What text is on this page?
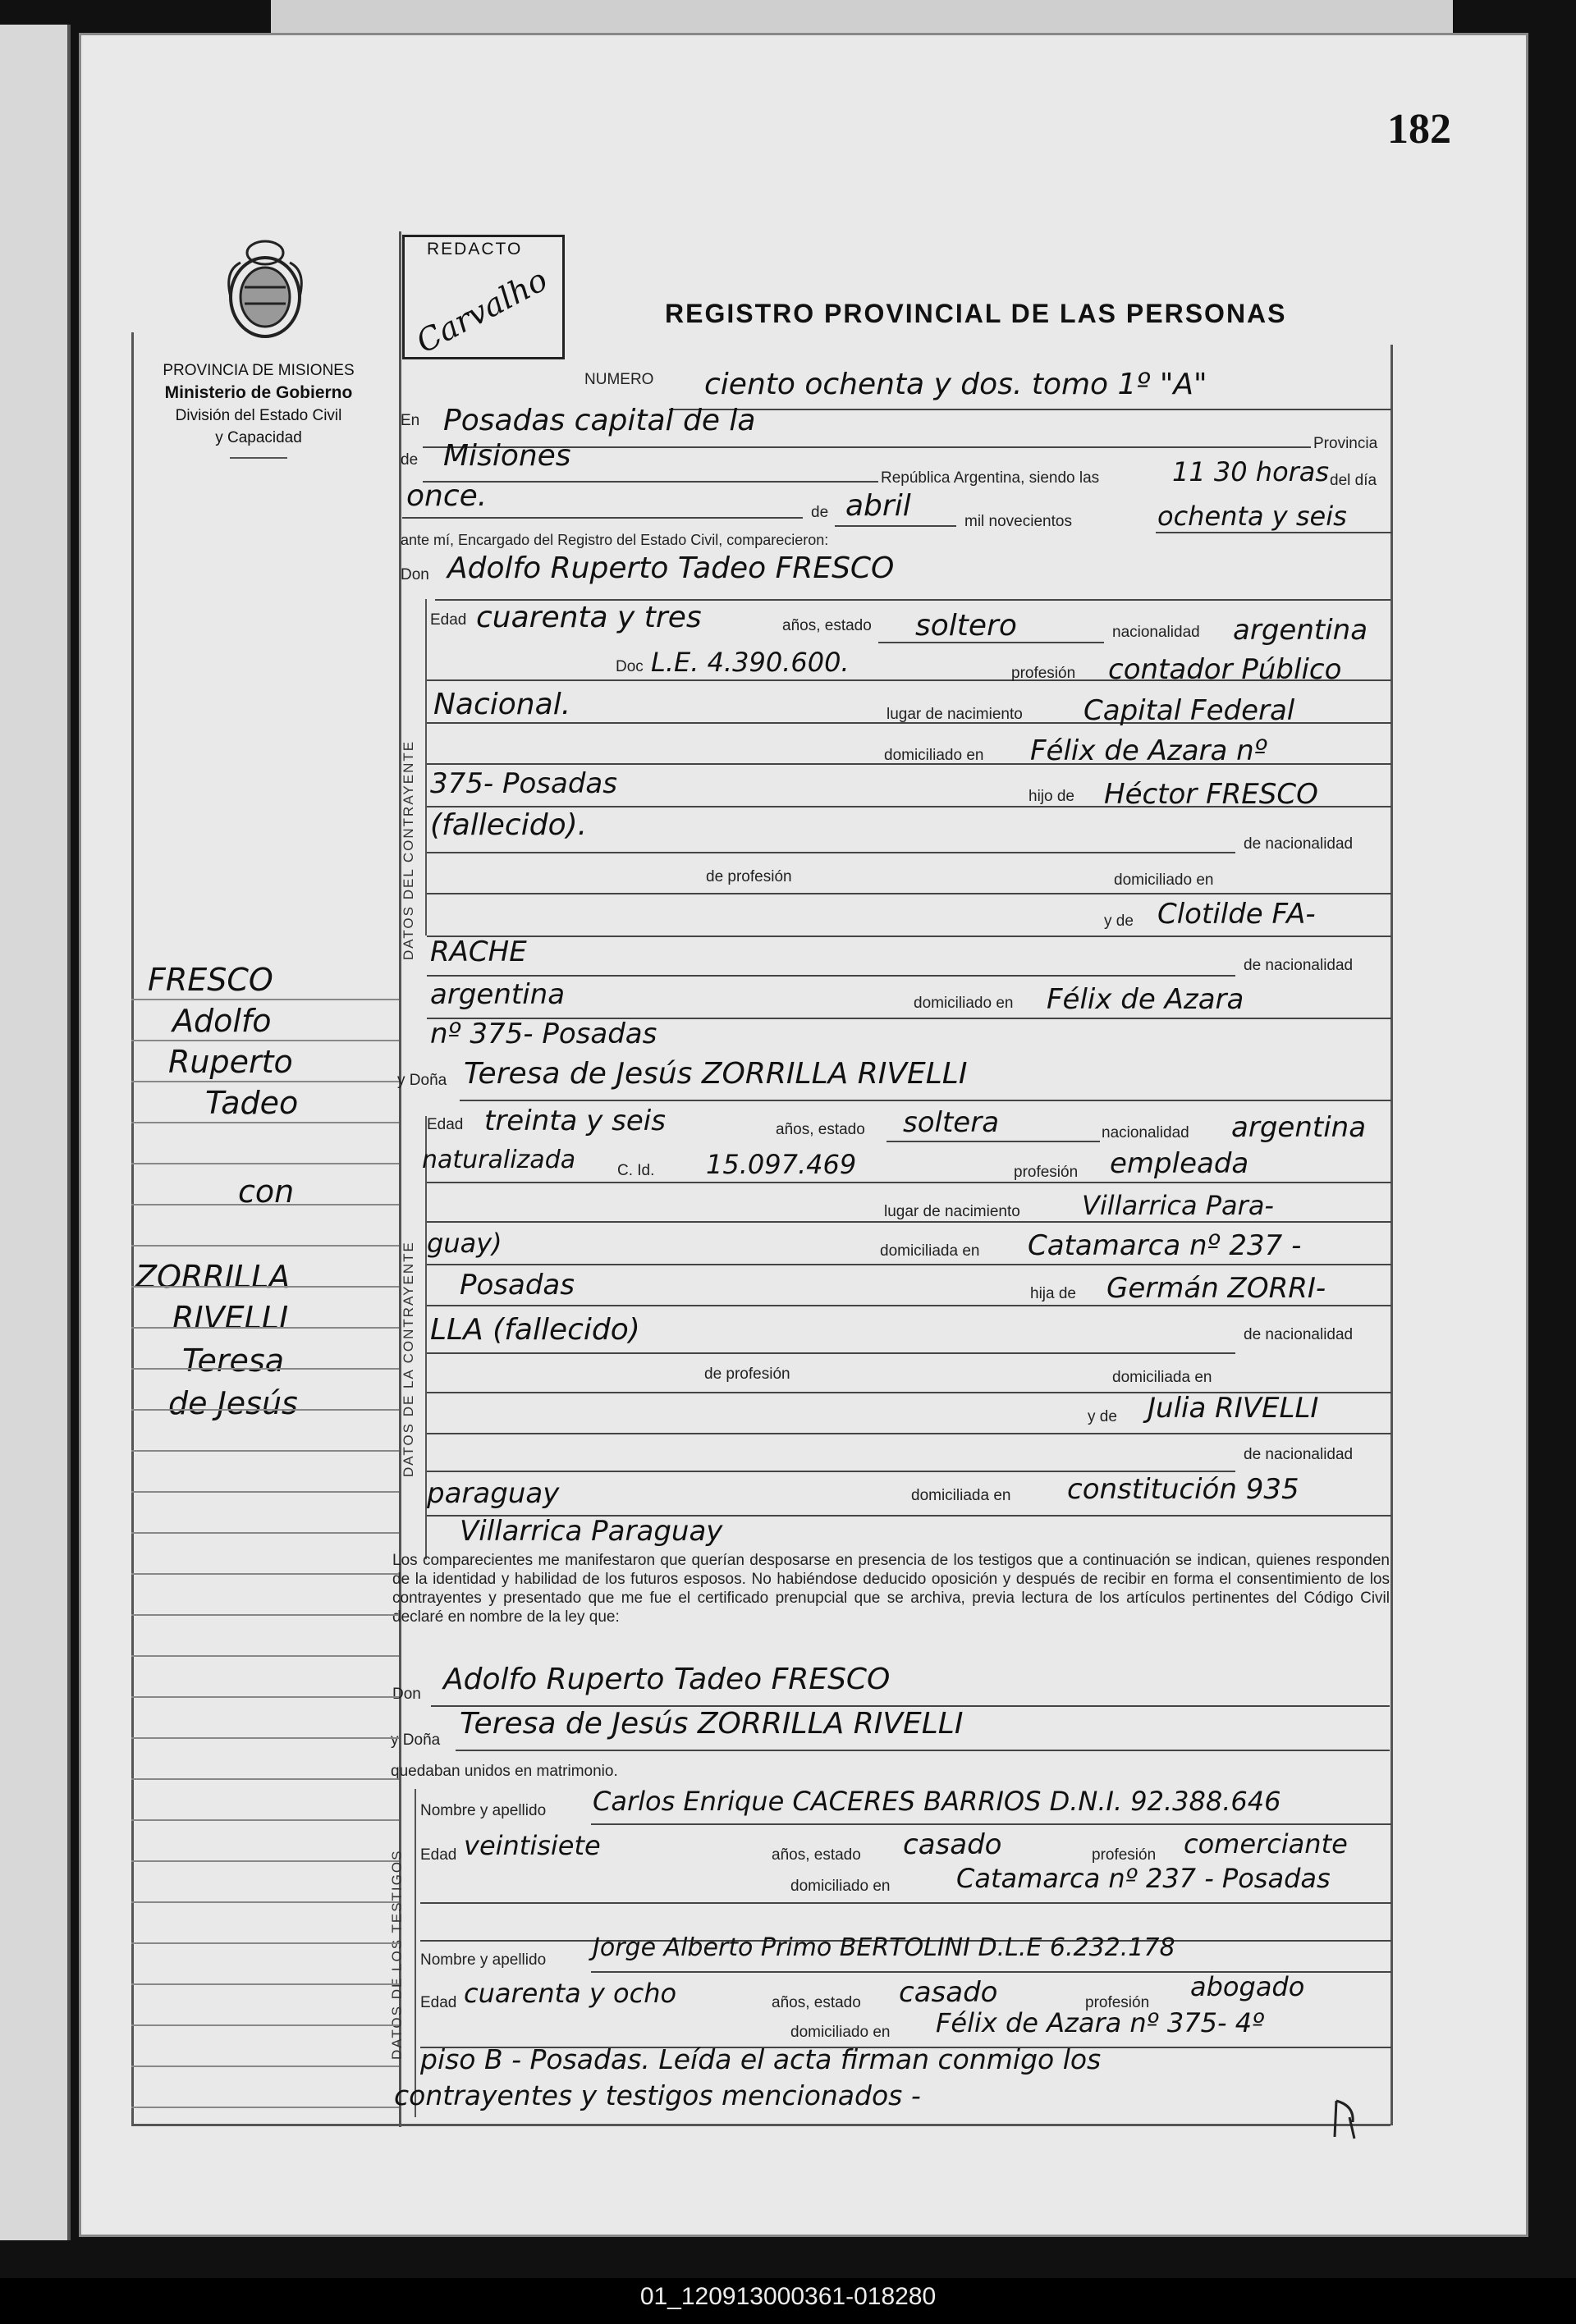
182
PROVINCIA DE MISIONES
Ministerio de Gobierno
División del Estado Civil
y Capacidad
REDACTO
Carvalho	REGISTRO PROVINCIAL DE LAS PERSONAS
DATOS DEL CONTRAYENTE
DATOS DE LA CONTRAYENTE
DATOS DE LOS TESTIGOS
NUMERO ciento ochenta y dos. tomo 1º "A"
En Posadas capital de la
Provincia
de Misiones
República Argentina, siendo las	11 30 horas del día
once.	de abril	mil novecientos	ochenta y seis
ante mí, Encargado del Registro del Estado Civil, comparecieron:
Don Adolfo Ruperto Tadeo FRESCO
Edad cuarenta y tres	años, estado soltero	nacionalidad argentina
Doc L.E. 4.390.600.	profesión contador Público
Nacional.	lugar de nacimiento Capital Federal
domiciliado en Félix de Azara nº
375- Posadas	hijo de Héctor FRESCO
(fallecido).
de nacionalidad
de profesión	domiciliado en
y de Clotilde FA-
RACHE	de nacionalidad
argentina	domiciliado en Félix de Azara
nº 375- Posadas
y Doña Teresa de Jesús ZORRILLA RIVELLI
Edad treinta y seis	años, estado soltera	nacionalidad argentina
naturalizada	C. Id. 15.097.469	profesión empleada
lugar de nacimiento Villarrica Para-
guay)	domiciliada en Catamarca nº 237 -
Posadas	hija de Germán ZORRI-
LLA (fallecido)	de nacionalidad
de profesión	domiciliada en
y de Julia RIVELLI
de nacionalidad
paraguay	domiciliada en constitución 935
Villarrica Paraguay
Los comparecientes me manifestaron que querían desposarse en presencia de los testigos que a continuación se indican, quienes responden de la identidad y habilidad de los futuros esposos. No habiéndose deducido oposición y después de recibir en forma el consentimiento de los contrayentes y presentado que me fue el certificado prenupcial que se archiva, previa lectura de los artículos pertinentes del Código Civil declaré en nombre de la ley que:
Don Adolfo Ruperto Tadeo FRESCO
y Doña Teresa de Jesús ZORRILLA RIVELLI
quedaban unidos en matrimonio.
Nombre y apellido Carlos Enrique CACERES BARRIOS D.N.I. 92.388.646
Edad veintisiete	años, estado casado	profesión comerciante
domiciliado en	Catamarca nº 237 - Posadas
Nombre y apellido Jorge Alberto Primo BERTOLINI D.L.E 6.232.178
Edad cuarenta y ocho	años, estado casado	profesión
abogado
domiciliado en Félix de Azara nº 375- 4º
piso B - Posadas. Leída el acta firman conmigo los
contrayentes y testigos mencionados -
FRESCO
Adolfo
Ruperto
Tadeo
con
ZORRILLA
RIVELLI
Teresa
de Jesús
01_120913000361-018280
